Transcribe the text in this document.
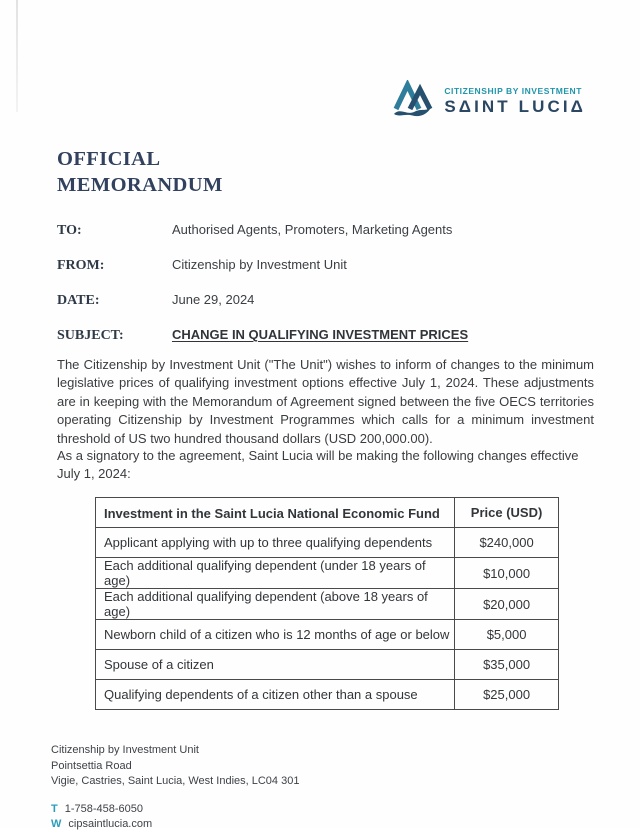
CITIZENSHIP BY INVESTMENT
SΔINT LUCIΔ
OFFICIAL
MEMORANDUM
TO:	Authorised Agents, Promoters, Marketing Agents
FROM:	Citizenship by Investment Unit
DATE:	June 29, 2024
SUBJECT:	CHANGE IN QUALIFYING INVESTMENT PRICES

The Citizenship by Investment Unit ("The Unit") wishes to inform of changes to the minimum legislative prices of qualifying investment options effective July 1, 2024. These adjustments are in keeping with the Memorandum of Agreement signed between the five OECS territories operating Citizenship by Investment Programmes which calls for a minimum investment threshold of US two hundred thousand dollars (USD 200,000.00).

As a signatory to the agreement, Saint Lucia will be making the following changes effective July 1, 2024:

Investment in the Saint Lucia National Economic Fund	Price (USD)
Applicant applying with up to three qualifying dependents	$240,000
Each additional qualifying dependent (under 18 years of age)	$10,000
Each additional qualifying dependent (above 18 years of age)	$20,000
Newborn child of a citizen who is 12 months of age or below	$5,000
Spouse of a citizen	$35,000
Qualifying dependents of a citizen other than a spouse	$25,000
Citizenship by Investment Unit
Pointsettia Road
Vigie, Castries, Saint Lucia, West Indies, LC04 301
T 1-758-458-6050
W cipsaintlucia.com
